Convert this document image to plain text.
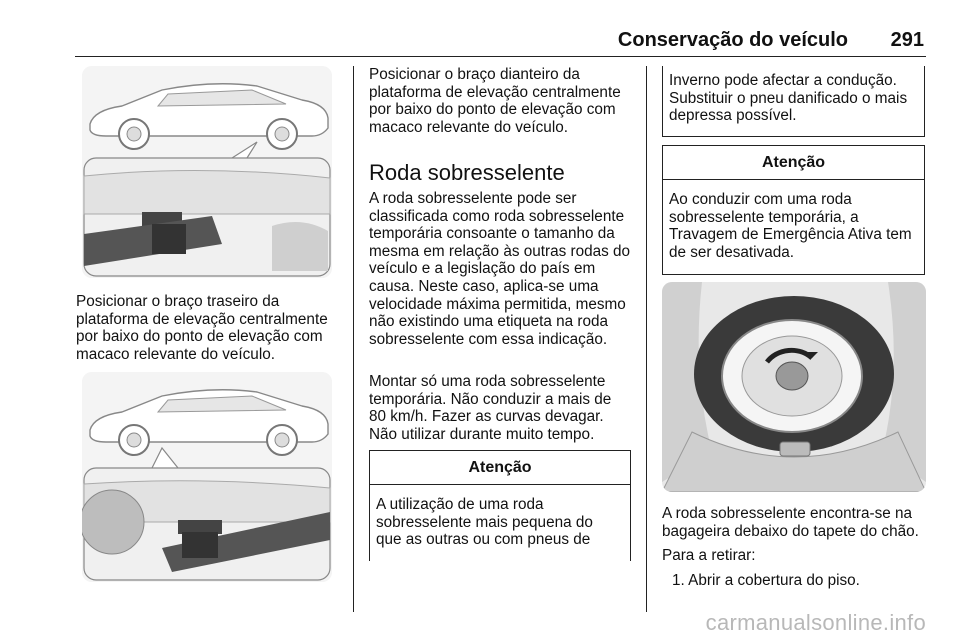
Conservação do veículo 291

Posicionar o braço traseiro da plataforma de elevação centralmente por baixo do ponto de elevação com macaco relevante do veículo.

Posicionar o braço dianteiro da plataforma de elevação centralmente por baixo do ponto de elevação com macaco relevante do veículo.

Roda sobresselente

A roda sobresselente pode ser classificada como roda sobresselente temporária consoante o tamanho da mesma em relação às outras rodas do veículo e a legislação do país em causa. Neste caso, aplica-se uma velocidade máxima permitida, mesmo não existindo uma etiqueta na roda sobresselente com essa indicação.

Montar só uma roda sobresselente temporária. Não conduzir a mais de 80 km/h. Fazer as curvas devagar. Não utilizar durante muito tempo.

Atenção

A utilização de uma roda sobresselente mais pequena do que as outras ou com pneus de

Inverno pode afectar a condução. Substituir o pneu danificado o mais depressa possível.

Atenção

Ao conduzir com uma roda sobresselente temporária, a Travagem de Emergência Ativa tem de ser desativada.

A roda sobresselente encontra-se na bagageira debaixo do tapete do chão.

Para a retirar:

1. Abrir a cobertura do piso.
carmanualsonline.info
